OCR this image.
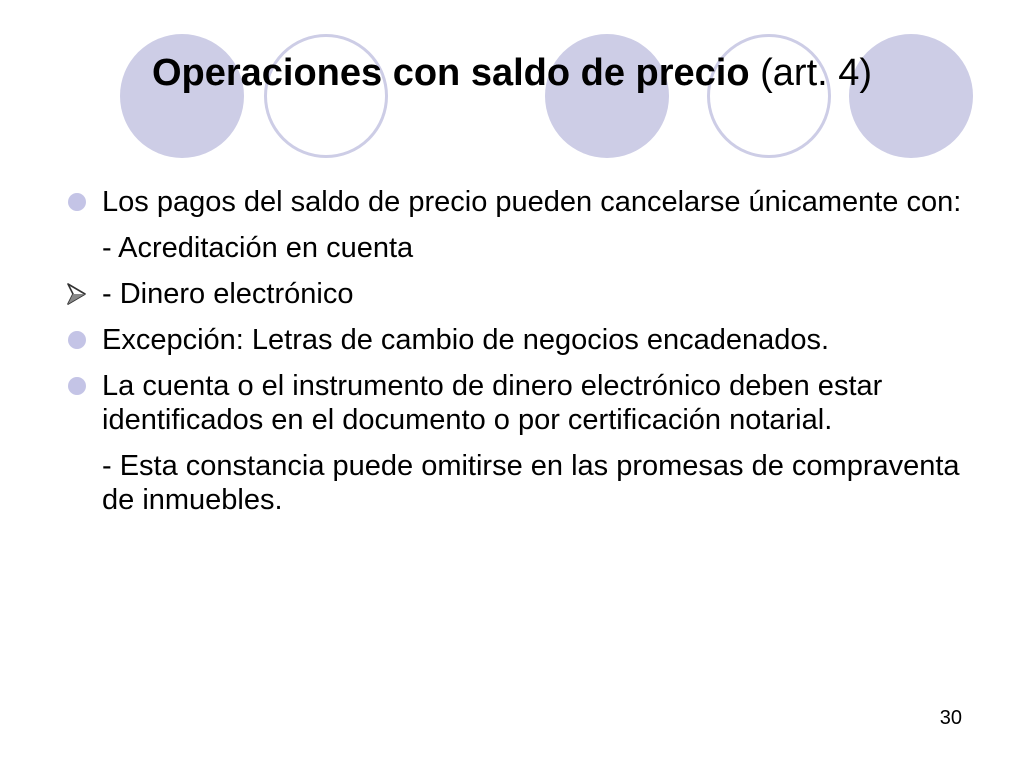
Operaciones con saldo de precio (art. 4)
Los pagos del saldo de precio pueden cancelarse únicamente con:
- Acreditación en cuenta
- Dinero electrónico
Excepción: Letras de cambio de negocios encadenados.
La cuenta o el instrumento de dinero electrónico deben estar identificados en el documento o por certificación notarial.
- Esta constancia puede omitirse en las promesas de compraventa de inmuebles.
30
